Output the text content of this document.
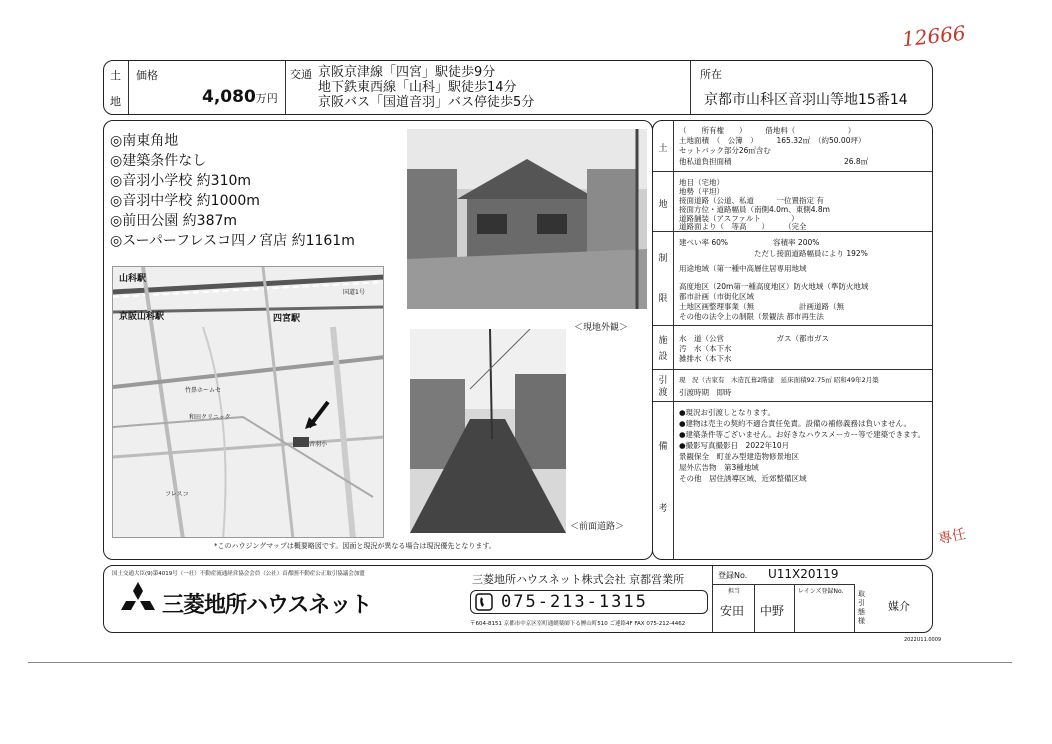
12666
專任
土
地
価格
4,080万円
交通 京阪京津線「四宮」駅徒歩9分
地下鉄東西線「山科」駅徒歩14分
京阪バス「国道音羽」バス停徒歩5分
所在
京都市山科区音羽山等地15番14
◎南東角地
◎建築条件なし
◎音羽小学校 約310m
◎音羽中学校 約1000m
◎前田公園 約387m
◎スーパーフレスコ四ノ宮店 約1161m
山科駅
京阪山科駅	四宮駅
竹鼻ホームセ
和田クリニック
音羽小
フレスコ
国道1号
*このハウジングマップは概要略図です。図面と現況が異なる場合は現況優先となります。
＜現地外観＞
＜前面道路＞
土
地
制
限
施
設
引
渡
備
考
（　　所有権　　）　　　借地料（　　　　　　　）
土地面積　（　公簿　）　　　165.32㎡　（約50.00坪）
セットバック部分26㎡含む
他私道負担面積　　　　　　　　　　　　　　　26.8㎡
地目（宅地）
地勢（平坦）
接面道路（公道、私道　　　一位置指定 有
接面方位・道路幅員（南側4.0m、東側4.8m
道路舗装（アスファルト　　　　）
道路面より（　等高　　）　　　（完全
建ぺい率 60%　　　　　　容積率 200%
　　　　　　　　　　ただし接面道路幅員により 192%
用途地域（第一種中高層住居専用地域
高度地区（20m第一種高度地区）防火地域（準防火地域
都市計画（市街化区域
土地区画整理事業（無　　　　　　計画道路（無
その他の法令上の制限（景観法 都市再生法
水　道（公営　　　　　　　ガス（都市ガス
汚　水（本下水
雑排水（本下水
現　況（古家有　木造瓦葺2階建　延床面積92.75㎡ 昭和49年2月築
引渡時期　即時
●現況お引渡しとなります。
●建物は売主の契約不適合責任免責。設備の補修義務は負いません。
●建築条件等ございません。お好きなハウスメーカー等で建築できます。
●撮影写真撮影日　2022年10月
景観保全　町並み型建造物修景地区
屋外広告物　第3種地域
その他　居住誘導区域、近郊整備区域
国土交通大臣(9)第4019号（一社）不動産流通経営協会会員（公社）首都圏不動産公正取引協議会加盟
三菱地所ハウスネット
三菱地所ハウスネット株式会社 京都営業所
075-213-1315
〒604-8151 京都市中京区室町通蛸薬師下る鯉山町510 ご連絡4F FAX 075-212-4462
登録No. U11X20119
担当	レインズ登録No.
安田 中野
取
引
態
様
媒介
2022U11.0009
